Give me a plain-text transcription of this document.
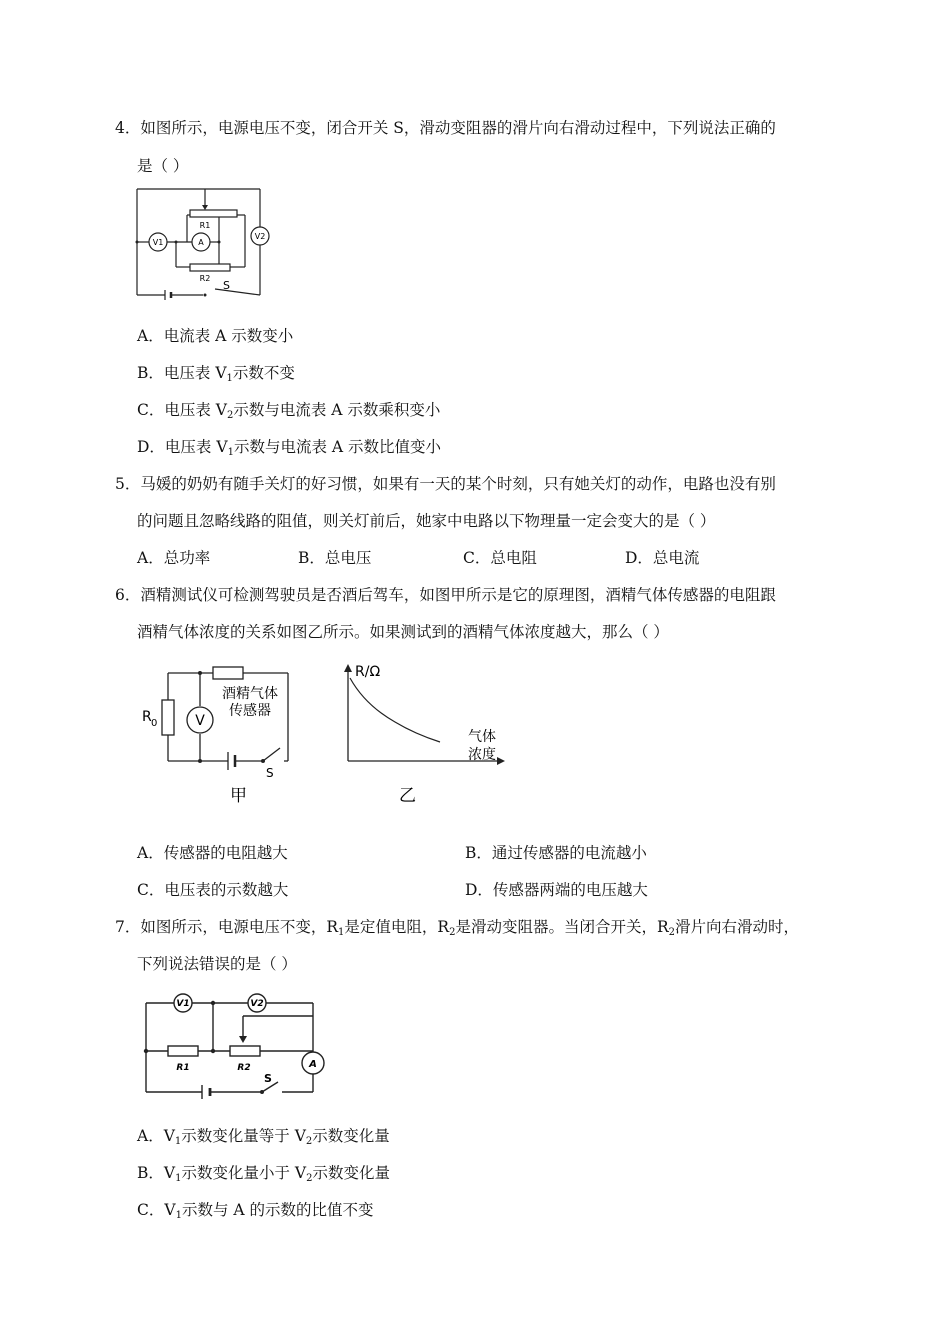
4．如图所示，电源电压不变，闭合开关 S，滑动变阻器的滑片向右滑动过程中，下列说法正确的
是（ ）
V1	A
V2
R1
R2
S
A．电流表 A 示数变小
B．电压表 $V_1$示数不变
C．电压表 $V_2$示数与电流表 A 示数乘积变小
D．电压表 $V_1$示数与电流表 A 示数比值变小
5．马媛的奶奶有随手关灯的好习惯，如果有一天的某个时刻，只有她关灯的动作，电路也没有别
的问题且忽略线路的阻值，则关灯前后，她家中电路以下物理量一定会变大的是（ ）
A．总功率	B．总电压	C．总电阻	D．总电流
6．酒精测试仪可检测驾驶员是否酒后驾车，如图甲所示是它的原理图，酒精气体传感器的电阻跟
酒精气体浓度的关系如图乙所示。如果测试到的酒精气体浓度越大，那么（ ）
R 0	V
酒精气体
传感器
S
甲
R/Ω
气体
浓度
乙
A．传感器的电阻越大	B．通过传感器的电流越小
C．电压表的示数越大	D．传感器两端的电压越大
7．如图所示，电源电压不变，$R_1$是定值电阻，$R_2$是滑动变阻器。当闭合开关，$R_2$滑片向右滑动时，
下列说法错误的是（ ）
V1	V2
A
R1	R2
S
A．$V_1$示数变化量等于 $V_2$示数变化量
B．$V_1$示数变化量小于 $V_2$示数变化量
C．$V_1$示数与 A 的示数的比值不变
